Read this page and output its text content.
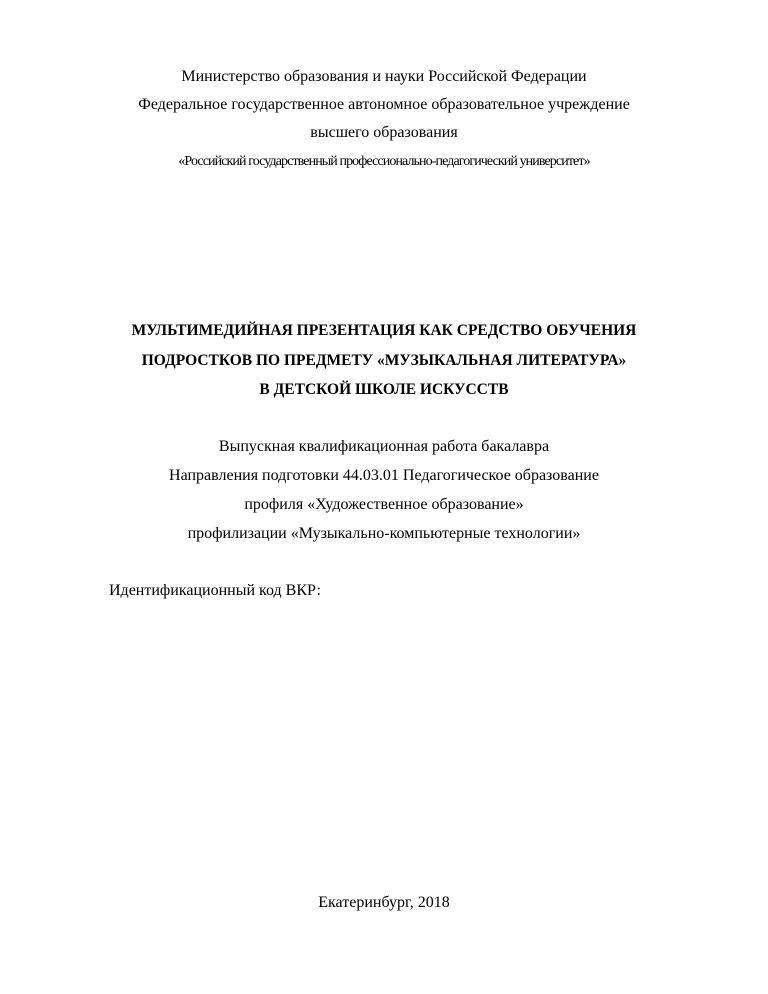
Министерство образования и науки Российской Федерации
Федеральное государственное автономное образовательное учреждение
высшего образования
«Российский государственный профессионально-педагогический университет»
МУЛЬТИМЕДИЙНАЯ ПРЕЗЕНТАЦИЯ КАК СРЕДСТВО ОБУЧЕНИЯ
ПОДРОСТКОВ ПО ПРЕДМЕТУ «МУЗЫКАЛЬНАЯ ЛИТЕРАТУРА»
В ДЕТСКОЙ ШКОЛЕ ИСКУССТВ
Выпускная квалификационная работа бакалавра
Направления подготовки 44.03.01 Педагогическое образование
профиля «Художественное образование»
профилизации «Музыкально-компьютерные технологии»
Идентификационный код ВКР:
Екатеринбург, 2018
